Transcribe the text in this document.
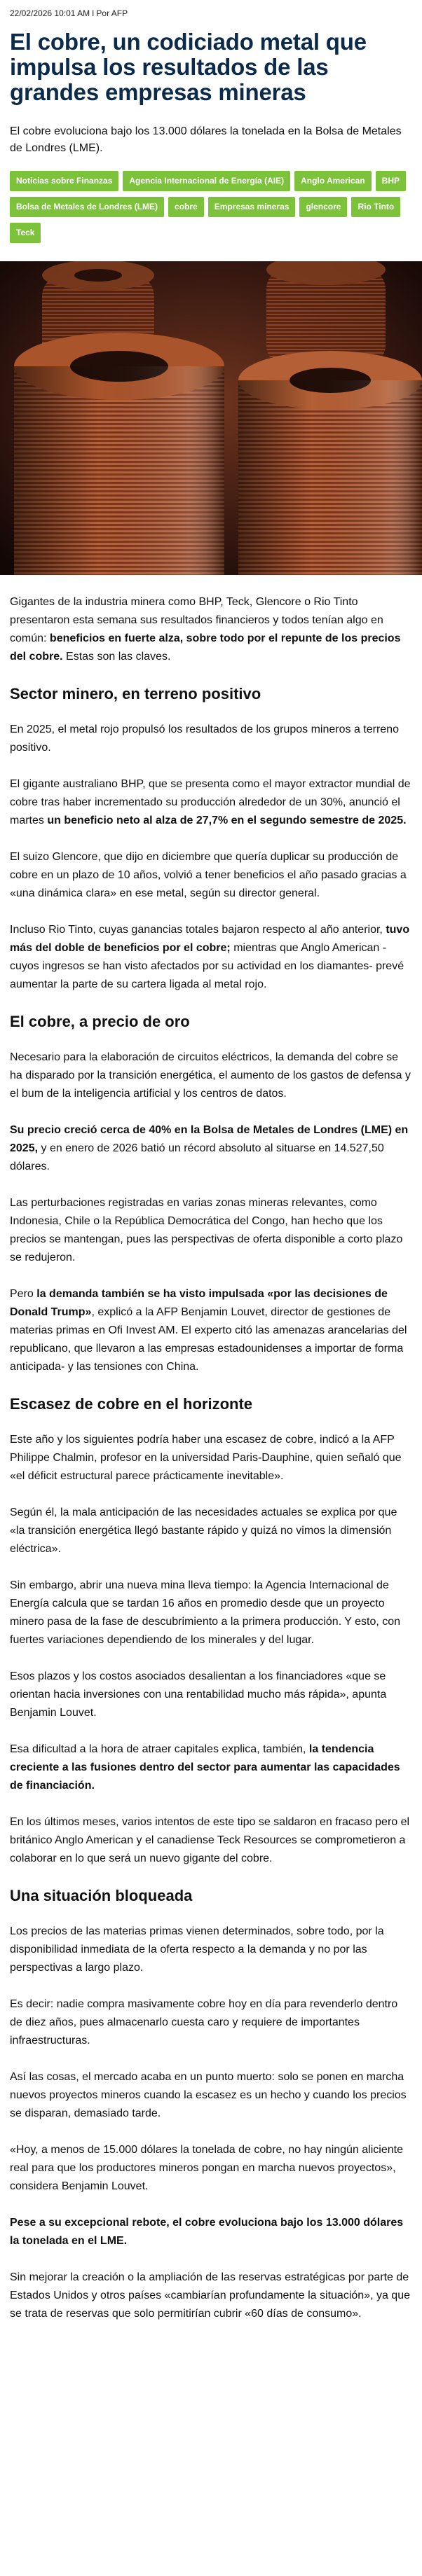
22/02/2026 10:01 AM l Por AFP
El cobre, un codiciado metal que impulsa los resultados de las grandes empresas mineras

El cobre evoluciona bajo los 13.000 dólares la tonelada en la Bolsa de Metales de Londres (LME).

Noticias sobre Finanzas	Agencia Internacional de Energía (AIE)	Anglo American	BHP
Bolsa de Metales de Londres (LME)	cobre	Empresas mineras	glencore	Rio Tinto
Teck

Gigantes de la industria minera como BHP, Teck, Glencore o Rio Tinto presentaron esta semana sus resultados financieros y todos tenían algo en común: beneficios en fuerte alza, sobre todo por el repunte de los precios del cobre. Estas son las claves.

Sector minero, en terreno positivo

En 2025, el metal rojo propulsó los resultados de los grupos mineros a terreno positivo.

El gigante australiano BHP, que se presenta como el mayor extractor mundial de cobre tras haber incrementado su producción alrededor de un 30%, anunció el martes un beneficio neto al alza de 27,7% en el segundo semestre de 2025.

El suizo Glencore, que dijo en diciembre que quería duplicar su producción de cobre en un plazo de 10 años, volvió a tener beneficios el año pasado gracias a «una dinámica clara» en ese metal, según su director general.

Incluso Rio Tinto, cuyas ganancias totales bajaron respecto al año anterior, tuvo más del doble de beneficios por el cobre; mientras que Anglo American -cuyos ingresos se han visto afectados por su actividad en los diamantes- prevé aumentar la parte de su cartera ligada al metal rojo.

El cobre, a precio de oro

Necesario para la elaboración de circuitos eléctricos, la demanda del cobre se ha disparado por la transición energética, el aumento de los gastos de defensa y el bum de la inteligencia artificial y los centros de datos.

Su precio creció cerca de 40% en la Bolsa de Metales de Londres (LME) en 2025, y en enero de 2026 batió un récord absoluto al situarse en 14.527,50 dólares.

Las perturbaciones registradas en varias zonas mineras relevantes, como Indonesia, Chile o la República Democrática del Congo, han hecho que los precios se mantengan, pues las perspectivas de oferta disponible a corto plazo se redujeron.

Pero la demanda también se ha visto impulsada «por las decisiones de Donald Trump», explicó a la AFP Benjamin Louvet, director de gestiones de materias primas en Ofi Invest AM. El experto citó las amenazas arancelarias del republicano, que llevaron a las empresas estadounidenses a importar de forma anticipada- y las tensiones con China.

Escasez de cobre en el horizonte

Este año y los siguientes podría haber una escasez de cobre, indicó a la AFP Philippe Chalmin, profesor en la universidad Paris-Dauphine, quien señaló que «el déficit estructural parece prácticamente inevitable».

Según él, la mala anticipación de las necesidades actuales se explica por que «la transición energética llegó bastante rápido y quizá no vimos la dimensión eléctrica».

Sin embargo, abrir una nueva mina lleva tiempo: la Agencia Internacional de Energía calcula que se tardan 16 años en promedio desde que un proyecto minero pasa de la fase de descubrimiento a la primera producción. Y esto, con fuertes variaciones dependiendo de los minerales y del lugar.

Esos plazos y los costos asociados desalientan a los financiadores «que se orientan hacia inversiones con una rentabilidad mucho más rápida», apunta Benjamin Louvet.

Esa dificultad a la hora de atraer capitales explica, también, la tendencia creciente a las fusiones dentro del sector para aumentar las capacidades de financiación.

En los últimos meses, varios intentos de este tipo se saldaron en fracaso pero el británico Anglo American y el canadiense Teck Resources se comprometieron a colaborar en lo que será un nuevo gigante del cobre.

Una situación bloqueada

Los precios de las materias primas vienen determinados, sobre todo, por la disponibilidad inmediata de la oferta respecto a la demanda y no por las perspectivas a largo plazo.

Es decir: nadie compra masivamente cobre hoy en día para revenderlo dentro de diez años, pues almacenarlo cuesta caro y requiere de importantes infraestructuras.

Así las cosas, el mercado acaba en un punto muerto: solo se ponen en marcha nuevos proyectos mineros cuando la escasez es un hecho y cuando los precios se disparan, demasiado tarde.

«Hoy, a menos de 15.000 dólares la tonelada de cobre, no hay ningún aliciente real para que los productores mineros pongan en marcha nuevos proyectos», considera Benjamin Louvet.

Pese a su excepcional rebote, el cobre evoluciona bajo los 13.000 dólares la tonelada en el LME.

Sin mejorar la creación o la ampliación de las reservas estratégicas por parte de Estados Unidos y otros países «cambiarían profundamente la situación», ya que se trata de reservas que solo permitirían cubrir «60 días de consumo».
